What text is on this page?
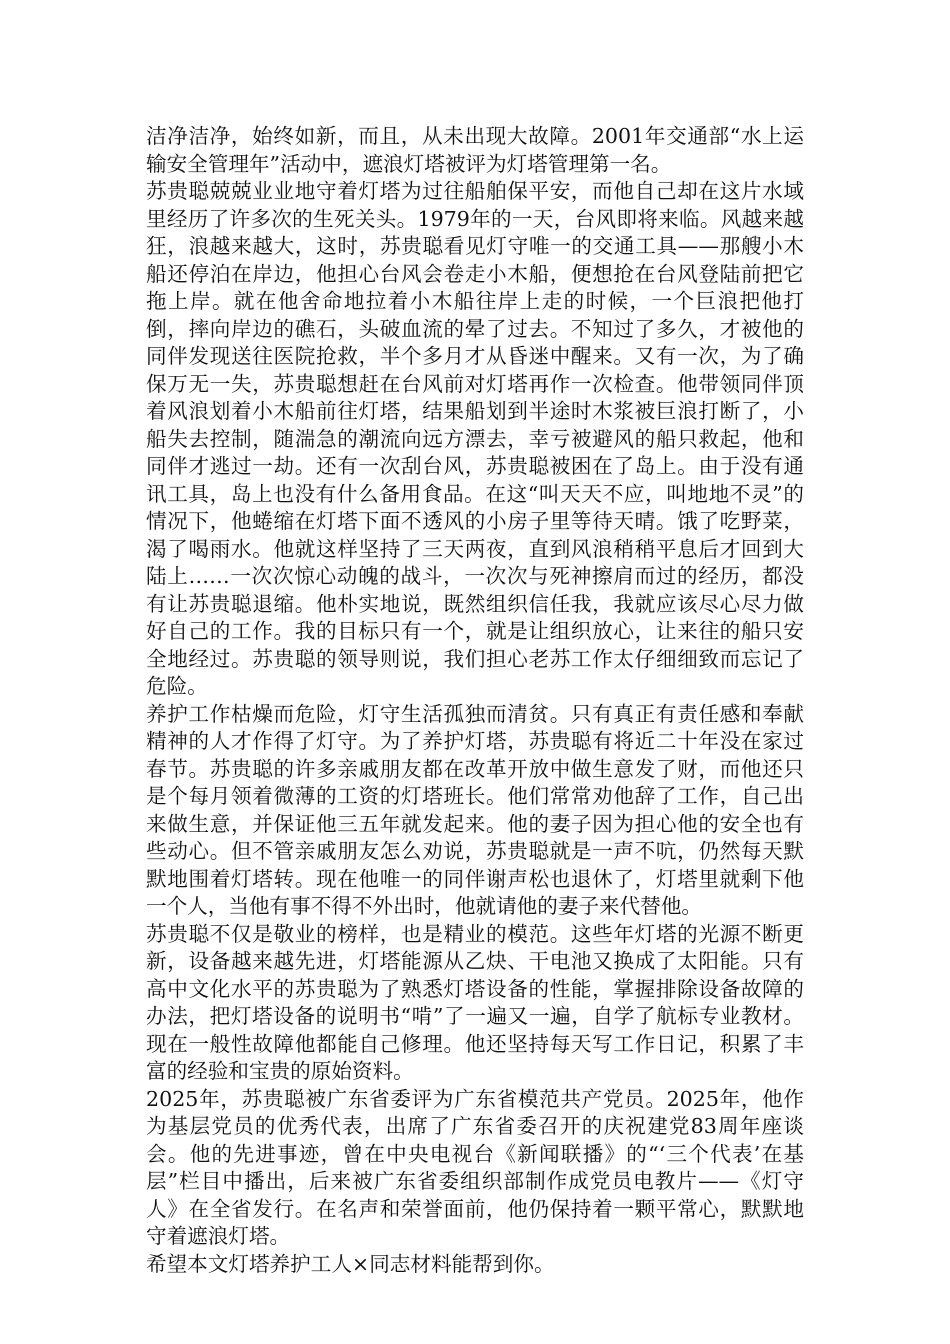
洁净洁净，始终如新，而且，从未出现大故障。2001年交通部“水上运输安全管理年”活动中，遮浪灯塔被评为灯塔管理第一名。

苏贵聪兢兢业业地守着灯塔为过往船舶保平安，而他自己却在这片水域里经历了许多次的生死关头。1979年的一天，台风即将来临。风越来越狂，浪越来越大，这时，苏贵聪看见灯守唯一的交通工具——那艘小木船还停泊在岸边，他担心台风会卷走小木船，便想抢在台风登陆前把它拖上岸。就在他舍命地拉着小木船往岸上走的时候，一个巨浪把他打倒，摔向岸边的礁石，头破血流的晕了过去。不知过了多久，才被他的同伴发现送往医院抢救，半个多月才从昏迷中醒来。又有一次，为了确保万无一失，苏贵聪想赶在台风前对灯塔再作一次检查。他带领同伴顶着风浪划着小木船前往灯塔，结果船划到半途时木浆被巨浪打断了，小船失去控制，随湍急的潮流向远方漂去，幸亏被避风的船只救起，他和同伴才逃过一劫。还有一次刮台风，苏贵聪被困在了岛上。由于没有通讯工具，岛上也没有什么备用食品。在这“叫天天不应，叫地地不灵”的情况下，他蜷缩在灯塔下面不透风的小房子里等待天晴。饿了吃野菜，渴了喝雨水。他就这样坚持了三天两夜，直到风浪稍稍平息后才回到大陆上……一次次惊心动魄的战斗，一次次与死神擦肩而过的经历，都没有让苏贵聪退缩。他朴实地说，既然组织信任我，我就应该尽心尽力做好自己的工作。我的目标只有一个，就是让组织放心，让来往的船只安全地经过。苏贵聪的领导则说，我们担心老苏工作太仔细细致而忘记了危险。

养护工作枯燥而危险，灯守生活孤独而清贫。只有真正有责任感和奉献精神的人才作得了灯守。为了养护灯塔，苏贵聪有将近二十年没在家过春节。苏贵聪的许多亲戚朋友都在改革开放中做生意发了财，而他还只是个每月领着微薄的工资的灯塔班长。他们常常劝他辞了工作，自己出来做生意，并保证他三五年就发起来。他的妻子因为担心他的安全也有些动心。但不管亲戚朋友怎么劝说，苏贵聪就是一声不吭，仍然每天默默地围着灯塔转。现在他唯一的同伴谢声松也退休了，灯塔里就剩下他一个人，当他有事不得不外出时，他就请他的妻子来代替他。

苏贵聪不仅是敬业的榜样，也是精业的模范。这些年灯塔的光源不断更新，设备越来越先进，灯塔能源从乙炔、干电池又换成了太阳能。只有高中文化水平的苏贵聪为了熟悉灯塔设备的性能，掌握排除设备故障的办法，把灯塔设备的说明书“啃”了一遍又一遍，自学了航标专业教材。现在一般性故障他都能自己修理。他还坚持每天写工作日记，积累了丰富的经验和宝贵的原始资料。

2025年，苏贵聪被广东省委评为广东省模范共产党员。2025年，他作为基层党员的优秀代表，出席了广东省委召开的庆祝建党83周年座谈会。他的先进事迹，曾在中央电视台《新闻联播》的“‘三个代表’在基层”栏目中播出，后来被广东省委组织部制作成党员电教片——《灯守人》在全省发行。在名声和荣誉面前，他仍保持着一颗平常心，默默地守着遮浪灯塔。

希望本文灯塔养护工人×同志材料能帮到你。
